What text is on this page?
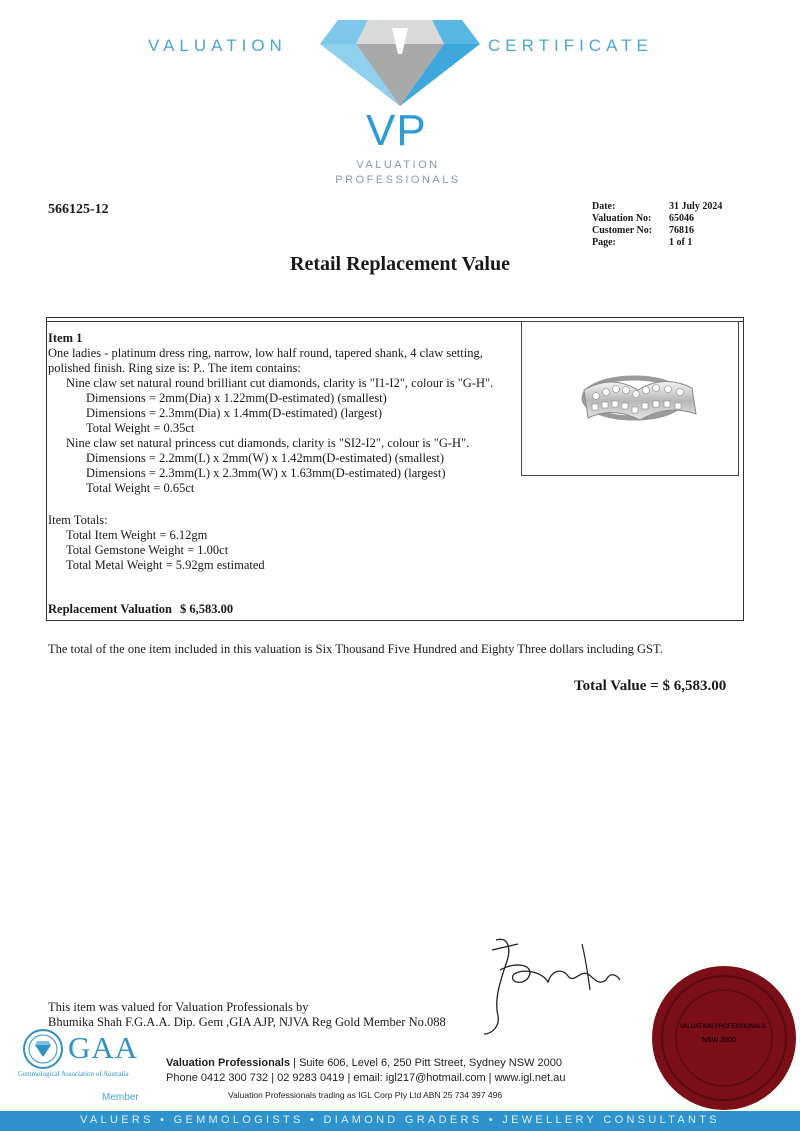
VALUATION	CERTIFICATE
VP
VALUATION
PROFESSIONALS
566125-12	Date:	31 July 2024
Valuation No:	65046
Customer No:	76816
Page:	1 of 1
Retail Replacement Value
Item 1
One ladies - platinum dress ring, narrow, low half round, tapered shank, 4 claw setting,
polished finish. Ring size is: P.. The item contains:
Nine claw set natural round brilliant cut diamonds, clarity is "I1-I2", colour is "G-H".
Dimensions = 2mm(Dia) x 1.22mm(D-estimated) (smallest)
Dimensions = 2.3mm(Dia) x 1.4mm(D-estimated) (largest)
Total Weight = 0.35ct
Nine claw set natural princess cut diamonds, clarity is "SI2-I2", colour is "G-H".
Dimensions = 2.2mm(L) x 2mm(W) x 1.42mm(D-estimated) (smallest)
Dimensions = 2.3mm(L) x 2.3mm(W) x 1.63mm(D-estimated) (largest)
Total Weight = 0.65ct
Item Totals:
Total Item Weight = 6.12gm
Total Gemstone Weight = 1.00ct
Total Metal Weight = 5.92gm estimated
Replacement Valuation $ 6,583.00
The total of the one item included in this valuation is Six Thousand Five Hundred and Eighty Three dollars including GST.
Total Value = $ 6,583.00
This item was valued for Valuation Professionals by
Bhumika Shah F.G.A.A. Dip. Gem ,GIA AJP, NJVA Reg Gold Member No.088	VALUATION PROFESSIONALS
NSW 2000
GAA
Gemmological Association of Australia
Member
Valuation Professionals | Suite 606, Level 6, 250 Pitt Street, Sydney NSW 2000
Phone 0412 300 732 | 02 9283 0419 | email: igl217@hotmail.com | www.igl.net.au
Valuation Professionals trading as IGL Corp Pty Ltd ABN 25 734 397 496
VALUERS • GEMMOLOGISTS • DIAMOND GRADERS • JEWELLERY CONSULTANTS
